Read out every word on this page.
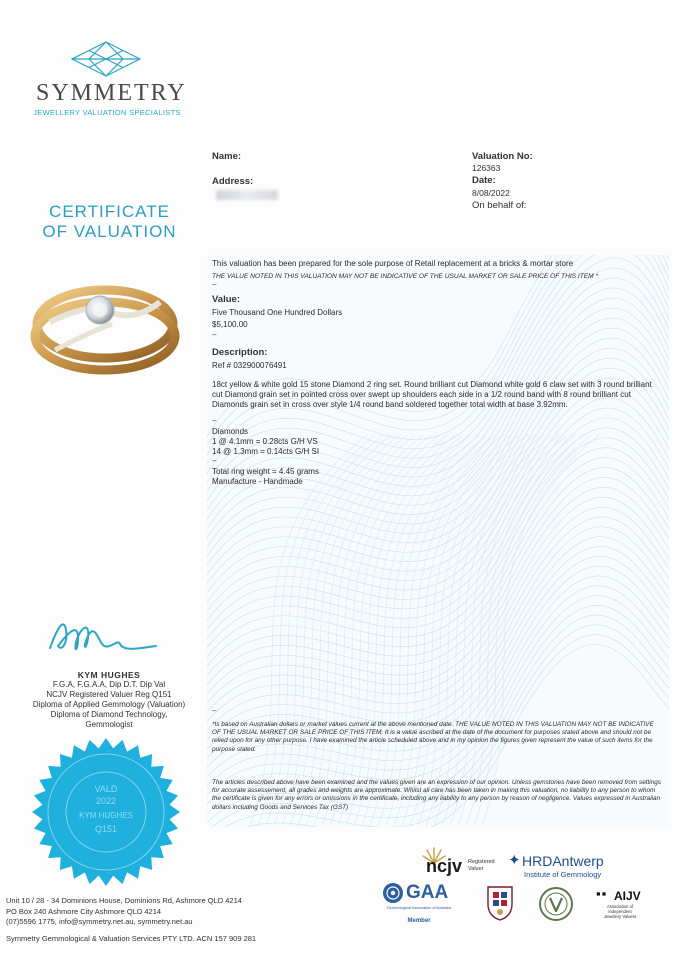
SYMMETRY
JEWELLERY VALUATION SPECIALISTS
CERTIFICATE
OF VALUATION
KYM HUGHES
F.G.A, F.G.A.A, Dip D.T. Dip Val
NCJV Registered Valuer Reg Q151
Diploma of Applied Gemmology (Valuation)
Diploma of Diamond Technology,
Gemmologist
VALD
2022
KYM HUGHES
Q151
Unit 10 / 28 - 34 Dominions House, Dominions Rd, Ashmore QLD 4214
PO Box 240 Ashmore City Ashmore QLD 4214
(07)5596 1775, info@symmetry.net.au, symmetry.net.au
Symmetry Gemmological & Valuation Services PTY LTD. ACN 157 909 281
Name:
Address:
Valuation No:
126363
Date:
8/08/2022
On behalf of:
This valuation has been prepared for the sole purpose of Retail replacement at a bricks & mortar store
THE VALUE NOTED IN THIS VALUATION MAY NOT BE INDICATIVE OF THE USUAL MARKET OR SALE PRICE OF THIS ITEM *
–
Value:
Five Thousand One Hundred Dollars
$5,100.00
–
Description:
Ref # 032900076491
18ct yellow & white gold 15 stone Diamond 2 ring set. Round brilliant cut Diamond white gold 6 claw set with 3 round brilliant cut Diamond grain set in pointed cross over swept up shoulders each side in a 1/2 round band with 8 round brilliant cut Diamonds grain set in cross over style 1/4 round band soldered together total width at base 3.92mm.
–
Diamonds
1 @ 4.1mm = 0.28cts G/H VS
14 @ 1.3mm = 0.14cts G/H SI
–
Total ring weight = 4.45 grams
Manufacture - Handmade
–
*Is based on Australian dollars or market values current at the above mentioned date. THE VALUE NOTED IN THIS VALUATION MAY NOT BE INDICATIVE OF THE USUAL MARKET OR SALE PRICE OF THIS ITEM. It is a value ascribed at the date of the document for purposes stated above and should not be relied upon for any other purpose. I have examined the article scheduled above and in my opinion the figures given represent the value of such items for the purpose stated.
The articles described above have been examined and the values given are an expression of our opinion. Unless gemstones have been removed from settings for accurate assessement, all grades and weights are approximate. Whilst all care has been taken in making this valuation, no liability to any person to whom the certificate is given for any errors or omissions in the certificate, including any liability to any person by reason of negligence. Values expressed in Australian dollars including Goods and Services Tax (GST)
ncjv Registered
Valuer	✦ HRDAntwerp
Institute of Gemmology
GAA
Gemmological Association of Australia
Member
▪▪ AIJV
Association of
Independent
Jewellery Valuers
